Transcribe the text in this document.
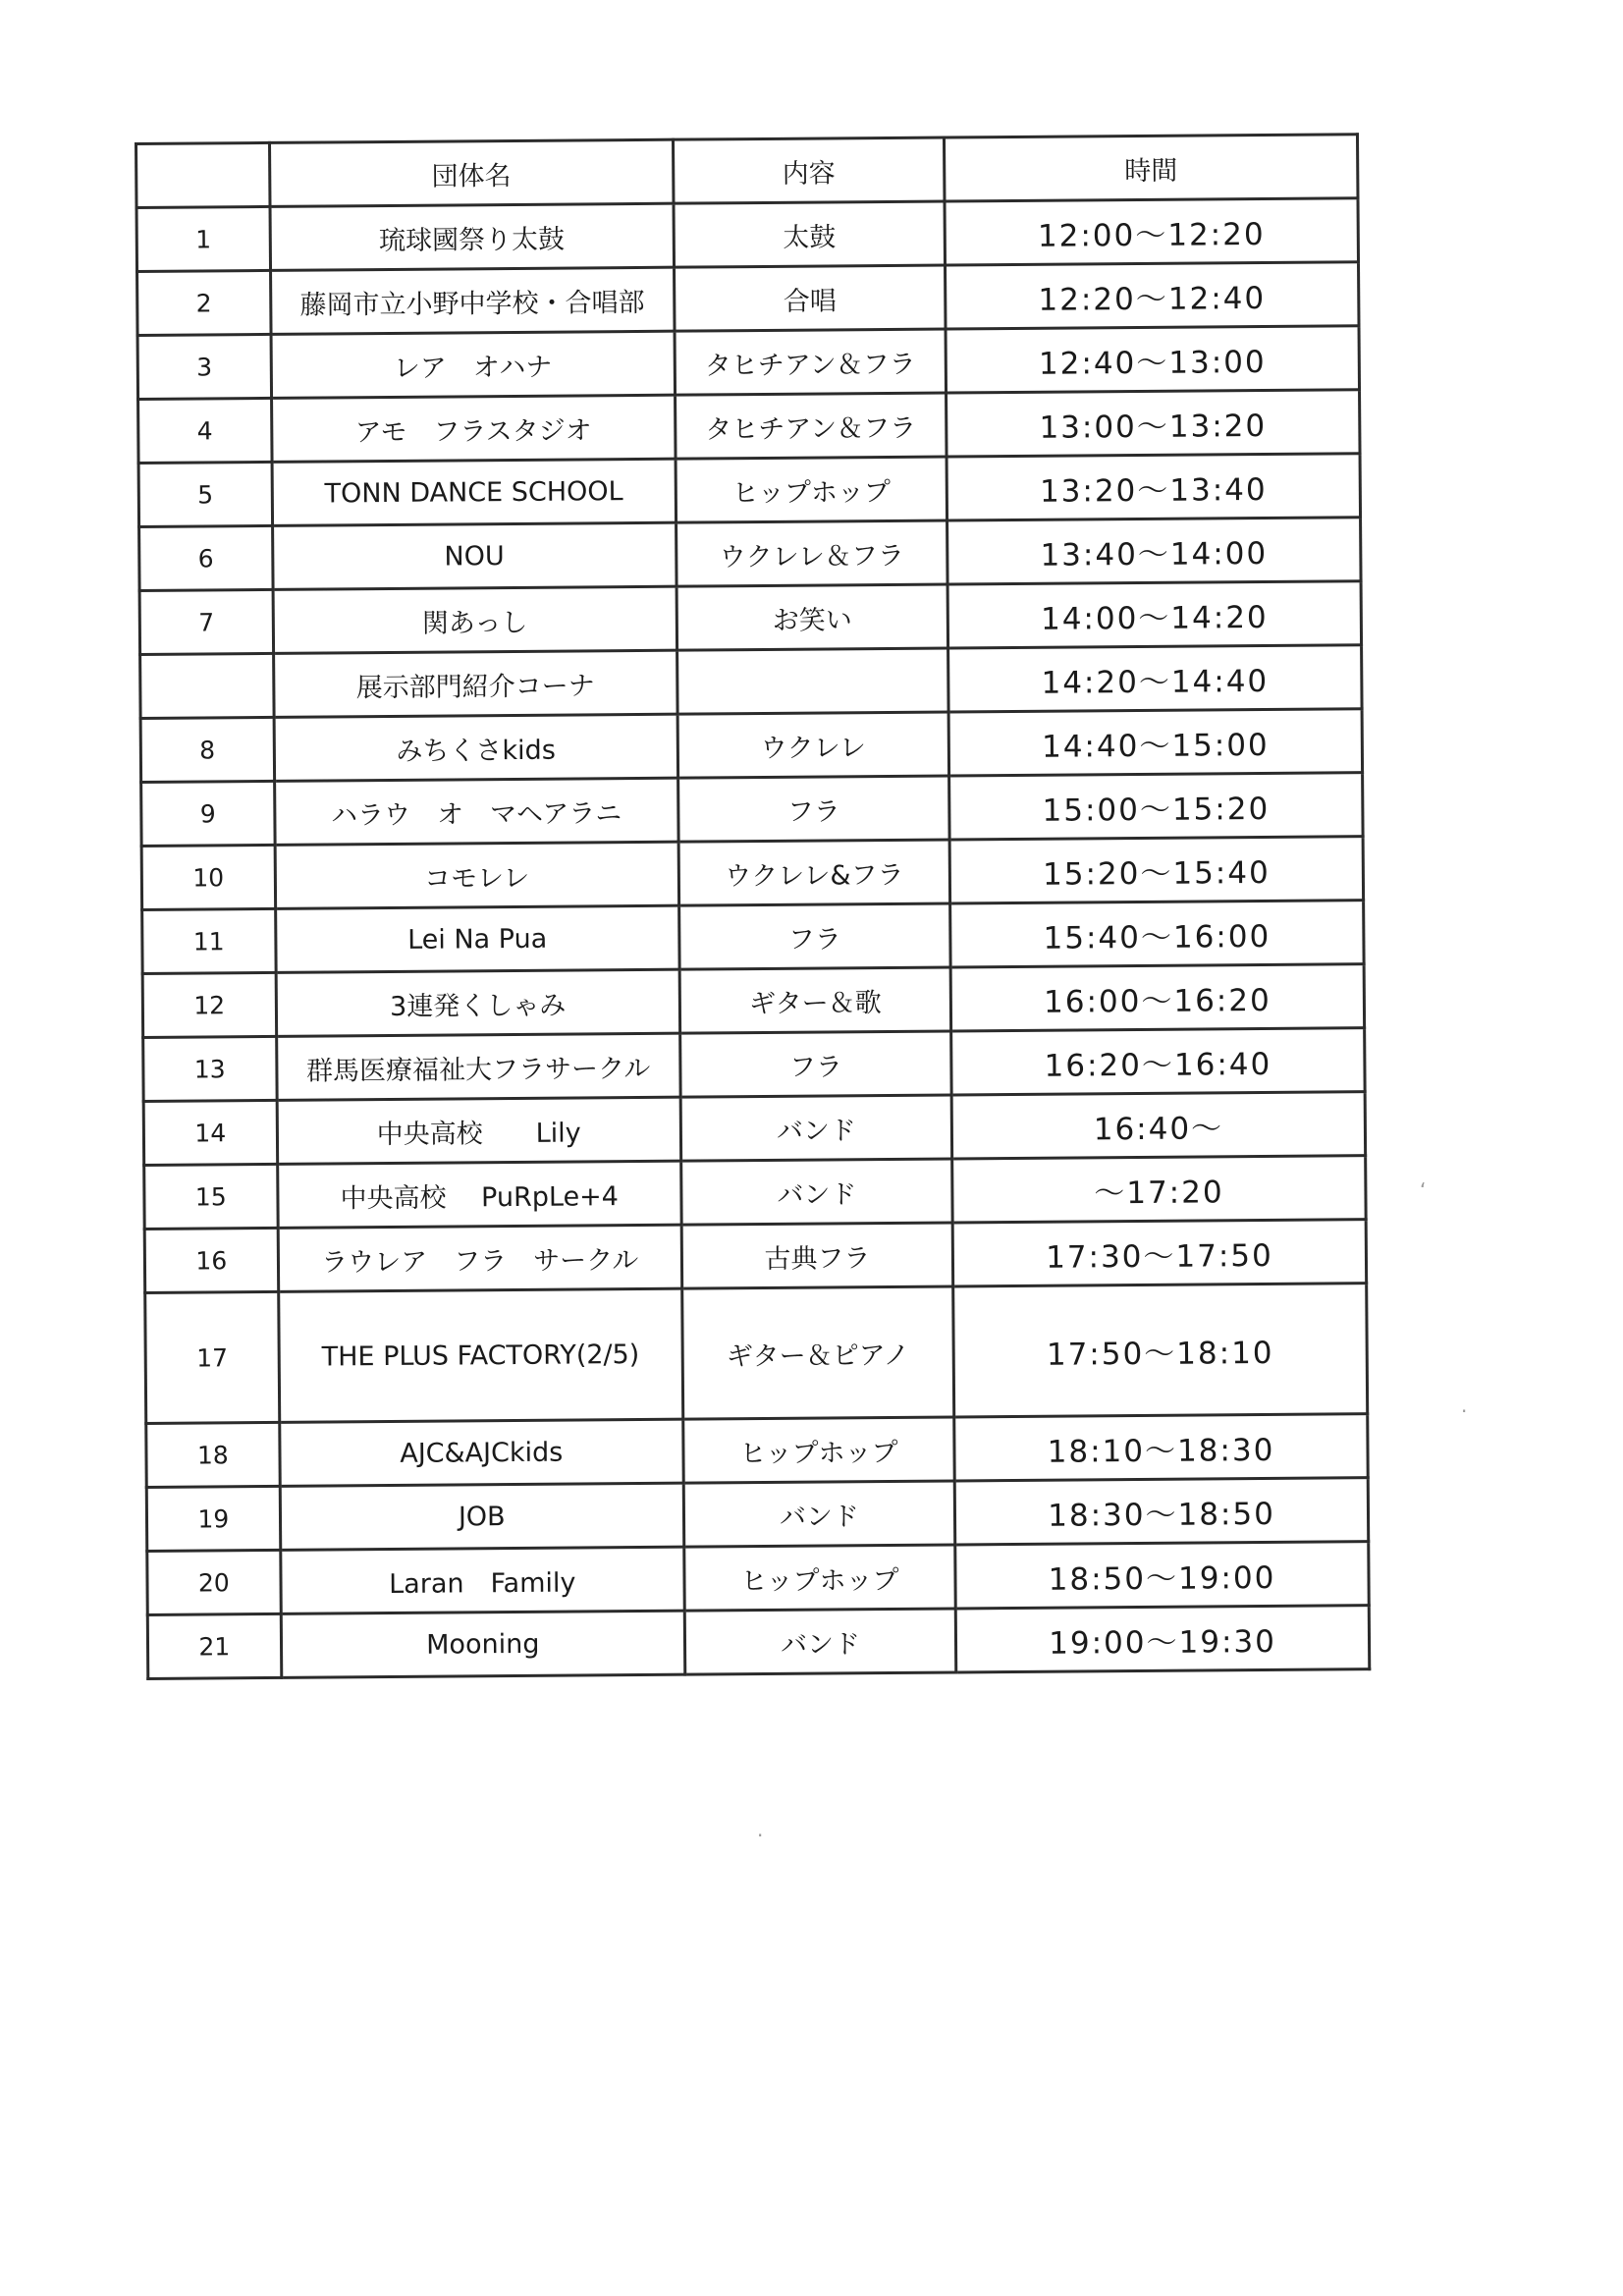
	団体名	内容	時間
1	琉球國祭り太鼓	太鼓	12:00～12:20
2	藤岡市立小野中学校・合唱部	合唱	12:20～12:40
3	レア　オハナ	タヒチアン＆フラ	12:40～13:00
4	アモ　フラスタジオ	タヒチアン＆フラ	13:00～13:20
5	TONN DANCE SCHOOL	ヒップホップ	13:20～13:40
6	NOU	ウクレレ＆フラ	13:40～14:00
7	関あっし	お笑い	14:00～14:20
	展示部門紹介コーナ		14:20～14:40
8	みちくさkids	ウクレレ	14:40～15:00
9	ハラウ　オ　マヘアラニ	フラ	15:00～15:20
10	コモレレ	ウクレレ&フラ	15:20～15:40
11	Lei Na Pua	フラ	15:40～16:00
12	3連発くしゃみ	ギター＆歌	16:00～16:20
13	群馬医療福祉大フラサークル	フラ	16:20～16:40
14	中央高校　　Lily	バンド	16:40～
15	中央高校　 PuRpLe+4	バンド	～17:20
16	ラウレア　フラ　サークル	古典フラ	17:30～17:50
17	THE PLUS FACTORY(2/5)	ギター＆ピアノ	17:50～18:10
18	AJC&AJCkids	ヒップホップ	18:10～18:30
19	JOB	バンド	18:30～18:50
20	Laran　Family	ヒップホップ	18:50～19:00
21	Mooning	バンド	19:00～19:30
‘
·
·
